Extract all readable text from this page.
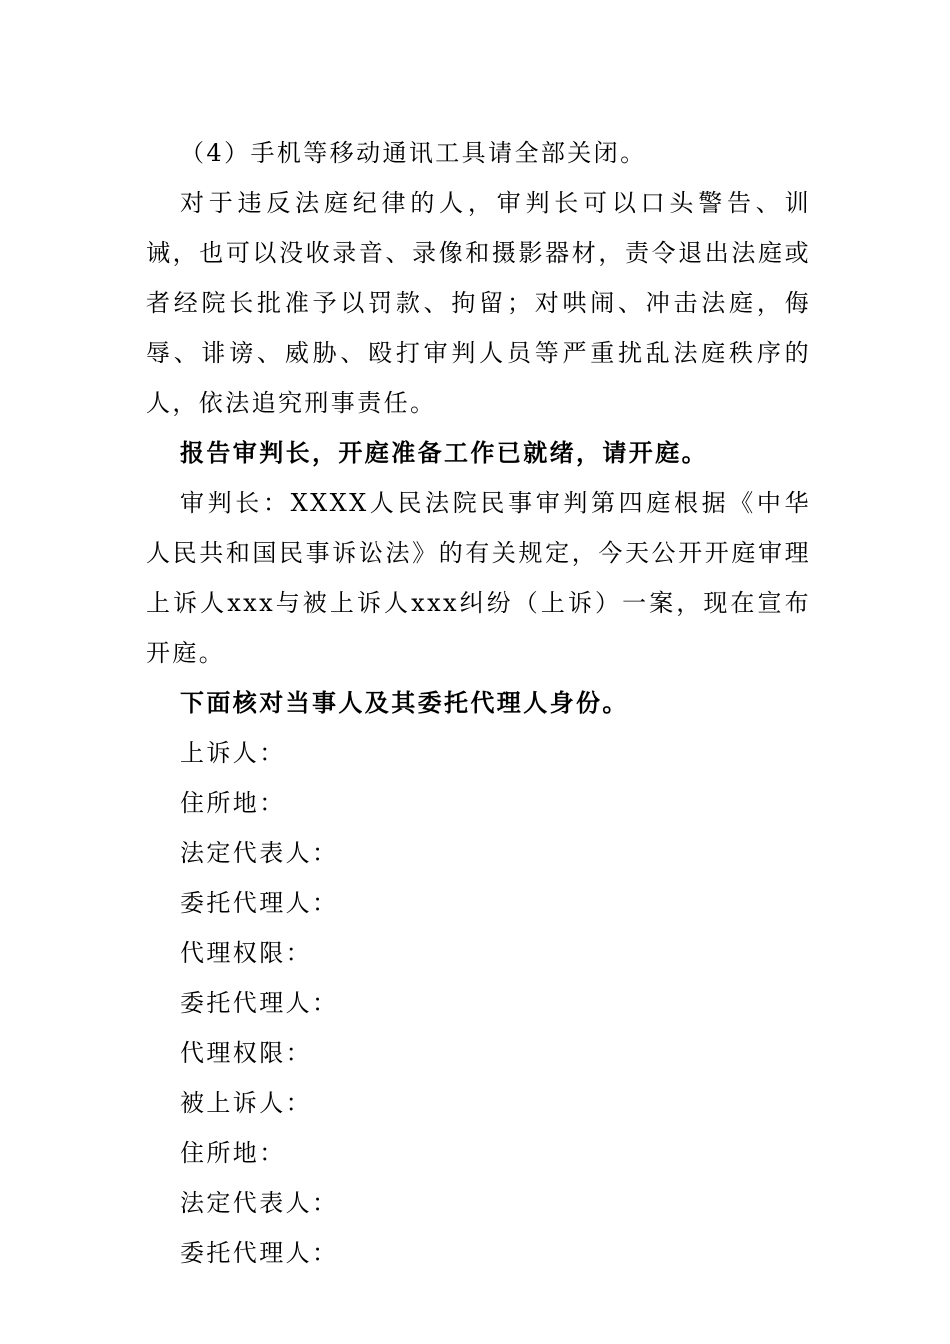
（4）手机等移动通讯工具请全部关闭。

对于违反法庭纪律的人，审判长可以口头警告、训诫，也可以没收录音、录像和摄影器材，责令退出法庭或者经院长批准予以罚款、拘留；对哄闹、冲击法庭，侮辱、诽谤、威胁、殴打审判人员等严重扰乱法庭秩序的人，依法追究刑事责任。

报告审判长，开庭准备工作已就绪，请开庭。

审判长：XXXX人民法院民事审判第四庭根据《中华人民共和国民事诉讼法》的有关规定，今天公开开庭审理上诉人xxx与被上诉人xxx纠纷（上诉）一案，现在宣布开庭。

下面核对当事人及其委托代理人身份。

上诉人：

住所地：

法定代表人：

委托代理人：

代理权限：

委托代理人：

代理权限：

被上诉人：

住所地：

法定代表人：

委托代理人：
